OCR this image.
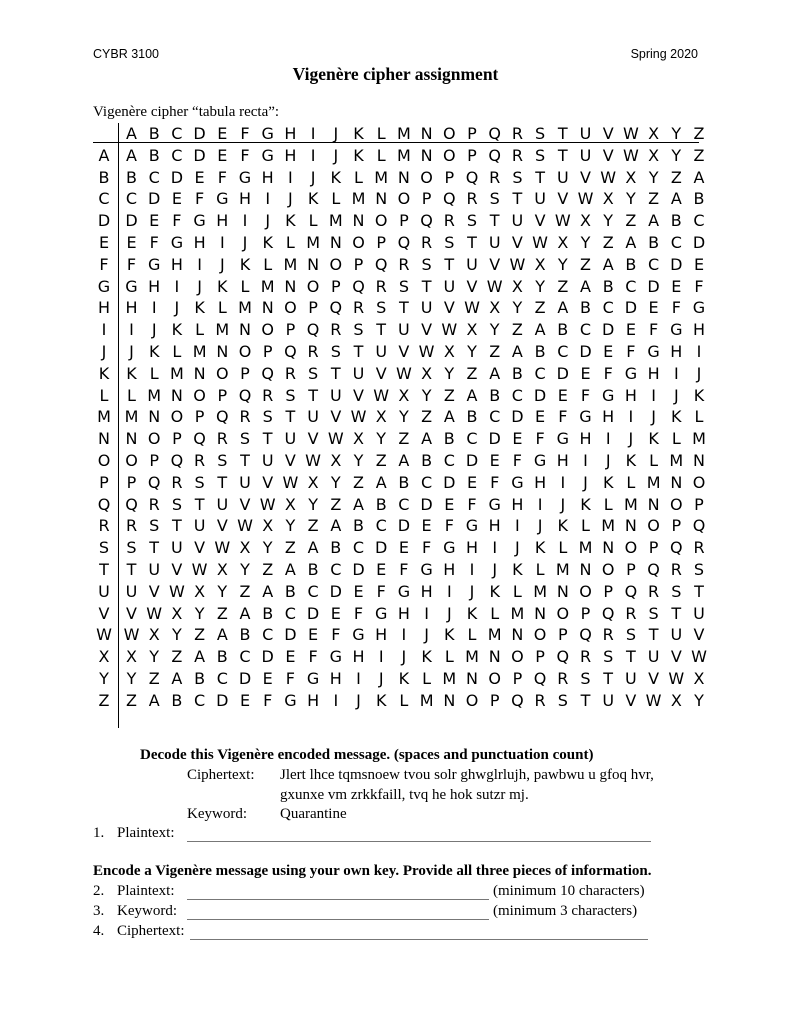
CYBR 3100	Spring 2020
Vigenère cipher assignment
Vigenère cipher “tabula recta”:
A B C D E F G H I	J K L M N O P Q R S T U V W X Y Z
A	A B C D E F G H I	J K L M N O P Q R S T U V W X Y Z
B	B C D E F G H I	J K L M N O P Q R S T U V W X Y Z A
C	C D E F G H I	J K L M N O P Q R S T U V W X Y Z A B
D D E F G H I	J K L M N O P Q R S T U V W X Y Z A B C
E	E F G H I	J K L M N O P Q R S T U V W X Y Z A B C D
F	F G H I	J K L M N O P Q R S T U V W X Y Z A B C D E
G G H I	J K L M N O P Q R S T U V W X Y Z A B C D E F
H H I	J K L M N O P Q R S T U V W X Y Z A B C D E F G
I	I	J K L M N O P Q R S T U V W X Y Z A B C D E F G H
J	J K L M N O P Q R S T U V W X Y Z A B C D E F G H I
K	K L M N O P Q R S T U V W X Y Z A B C D E F G H I	J
L	L M N O P Q R S T U V W X Y Z A B C D E F G H I	J K
M M N O P Q R S T U V W X Y Z A B C D E F G H I	J K L
N N O P Q R S T U V W X Y Z A B C D E F G H I	J K L M
O O P Q R S T U V W X Y Z A B C D E F G H I	J K L M N
P	P Q R S T U V W X Y Z A B C D E F G H I	J K L M N O
Q Q R S T U V W X Y Z A B C D E F G H I	J K L M N O P
R	R S T U V W X Y Z A B C D E F G H I	J K L M N O P Q
S	S T U V W X Y Z A B C D E F G H I	J K L M N O P Q R
T	T U V W X Y Z A B C D E F G H I	J K L M N O P Q R S
U U V W X Y Z A B C D E F G H I	J K L M N O P Q R S T
V	V W X Y Z A B C D E F G H I	J K L M N O P Q R S T U
W W X Y Z A B C D E F G H I	J K L M N O P Q R S T U V
X	X Y Z A B C D E F G H I	J K L M N O P Q R S T U V W
Y	Y Z A B C D E F G H I	J K L M N O P Q R S T U V W X
Z	Z A B C D E F G H I	J K L M N O P Q R S T U V W X Y
Decode this Vigenère encoded message. (spaces and punctuation count)
Ciphertext: Jlert lhce tqmsnoew tvou solr ghwglrlujh, pawbwu u gfoq hvr,
gxunxe vm zrkkfaill, tvq he hok sutzr mj.
Keyword: Quarantine
1. Plaintext:
Encode a Vigenère message using your own key. Provide all three pieces of information.
2. Plaintext:	(minimum 10 characters)
3. Keyword:	(minimum 3 characters)
4. Ciphertext:
